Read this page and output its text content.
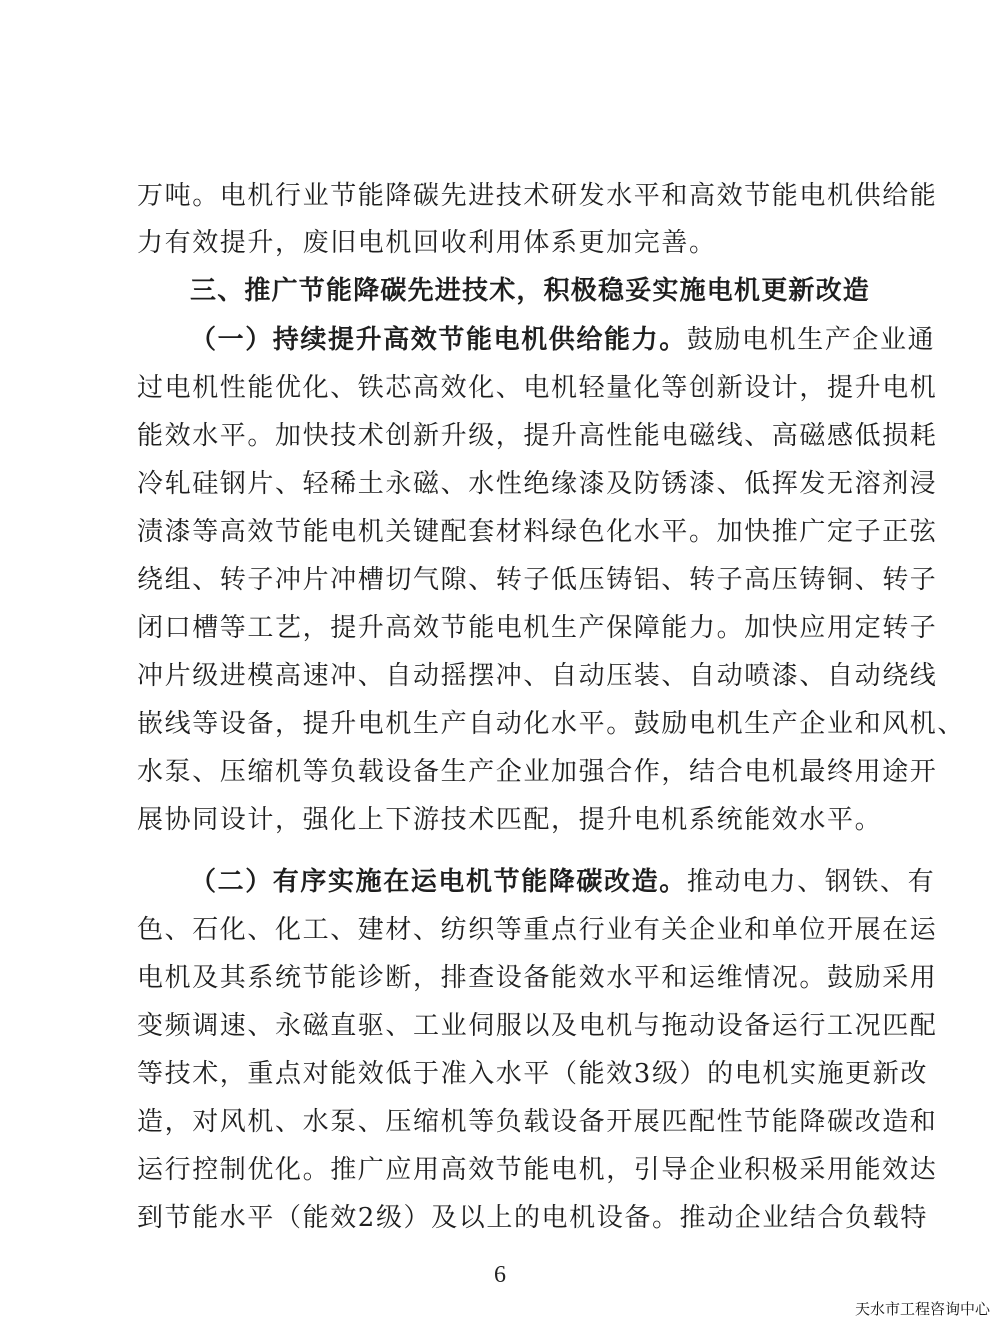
万吨。电机行业节能降碳先进技术研发水平和高效节能电机供给能
力有效提升，废旧电机回收利用体系更加完善。
三、推广节能降碳先进技术，积极稳妥实施电机更新改造
（一）持续提升高效节能电机供给能力。鼓励电机生产企业通
过电机性能优化、铁芯高效化、电机轻量化等创新设计，提升电机
能效水平。加快技术创新升级，提升高性能电磁线、高磁感低损耗
冷轧硅钢片、轻稀土永磁、水性绝缘漆及防锈漆、低挥发无溶剂浸
渍漆等高效节能电机关键配套材料绿色化水平。加快推广定子正弦
绕组、转子冲片冲槽切气隙、转子低压铸铝、转子高压铸铜、转子
闭口槽等工艺，提升高效节能电机生产保障能力。加快应用定转子
冲片级进模高速冲、自动摇摆冲、自动压装、自动喷漆、自动绕线
嵌线等设备，提升电机生产自动化水平。鼓励电机生产企业和风机、
水泵、压缩机等负载设备生产企业加强合作，结合电机最终用途开
展协同设计，强化上下游技术匹配，提升电机系统能效水平。
（二）有序实施在运电机节能降碳改造。推动电力、钢铁、有
色、石化、化工、建材、纺织等重点行业有关企业和单位开展在运
电机及其系统节能诊断，排查设备能效水平和运维情况。鼓励采用
变频调速、永磁直驱、工业伺服以及电机与拖动设备运行工况匹配
等技术，重点对能效低于准入水平（能效3级）的电机实施更新改
造，对风机、水泵、压缩机等负载设备开展匹配性节能降碳改造和
运行控制优化。推广应用高效节能电机，引导企业积极采用能效达
到节能水平（能效2级）及以上的电机设备。推动企业结合负载特
6
天水市工程咨询中心
